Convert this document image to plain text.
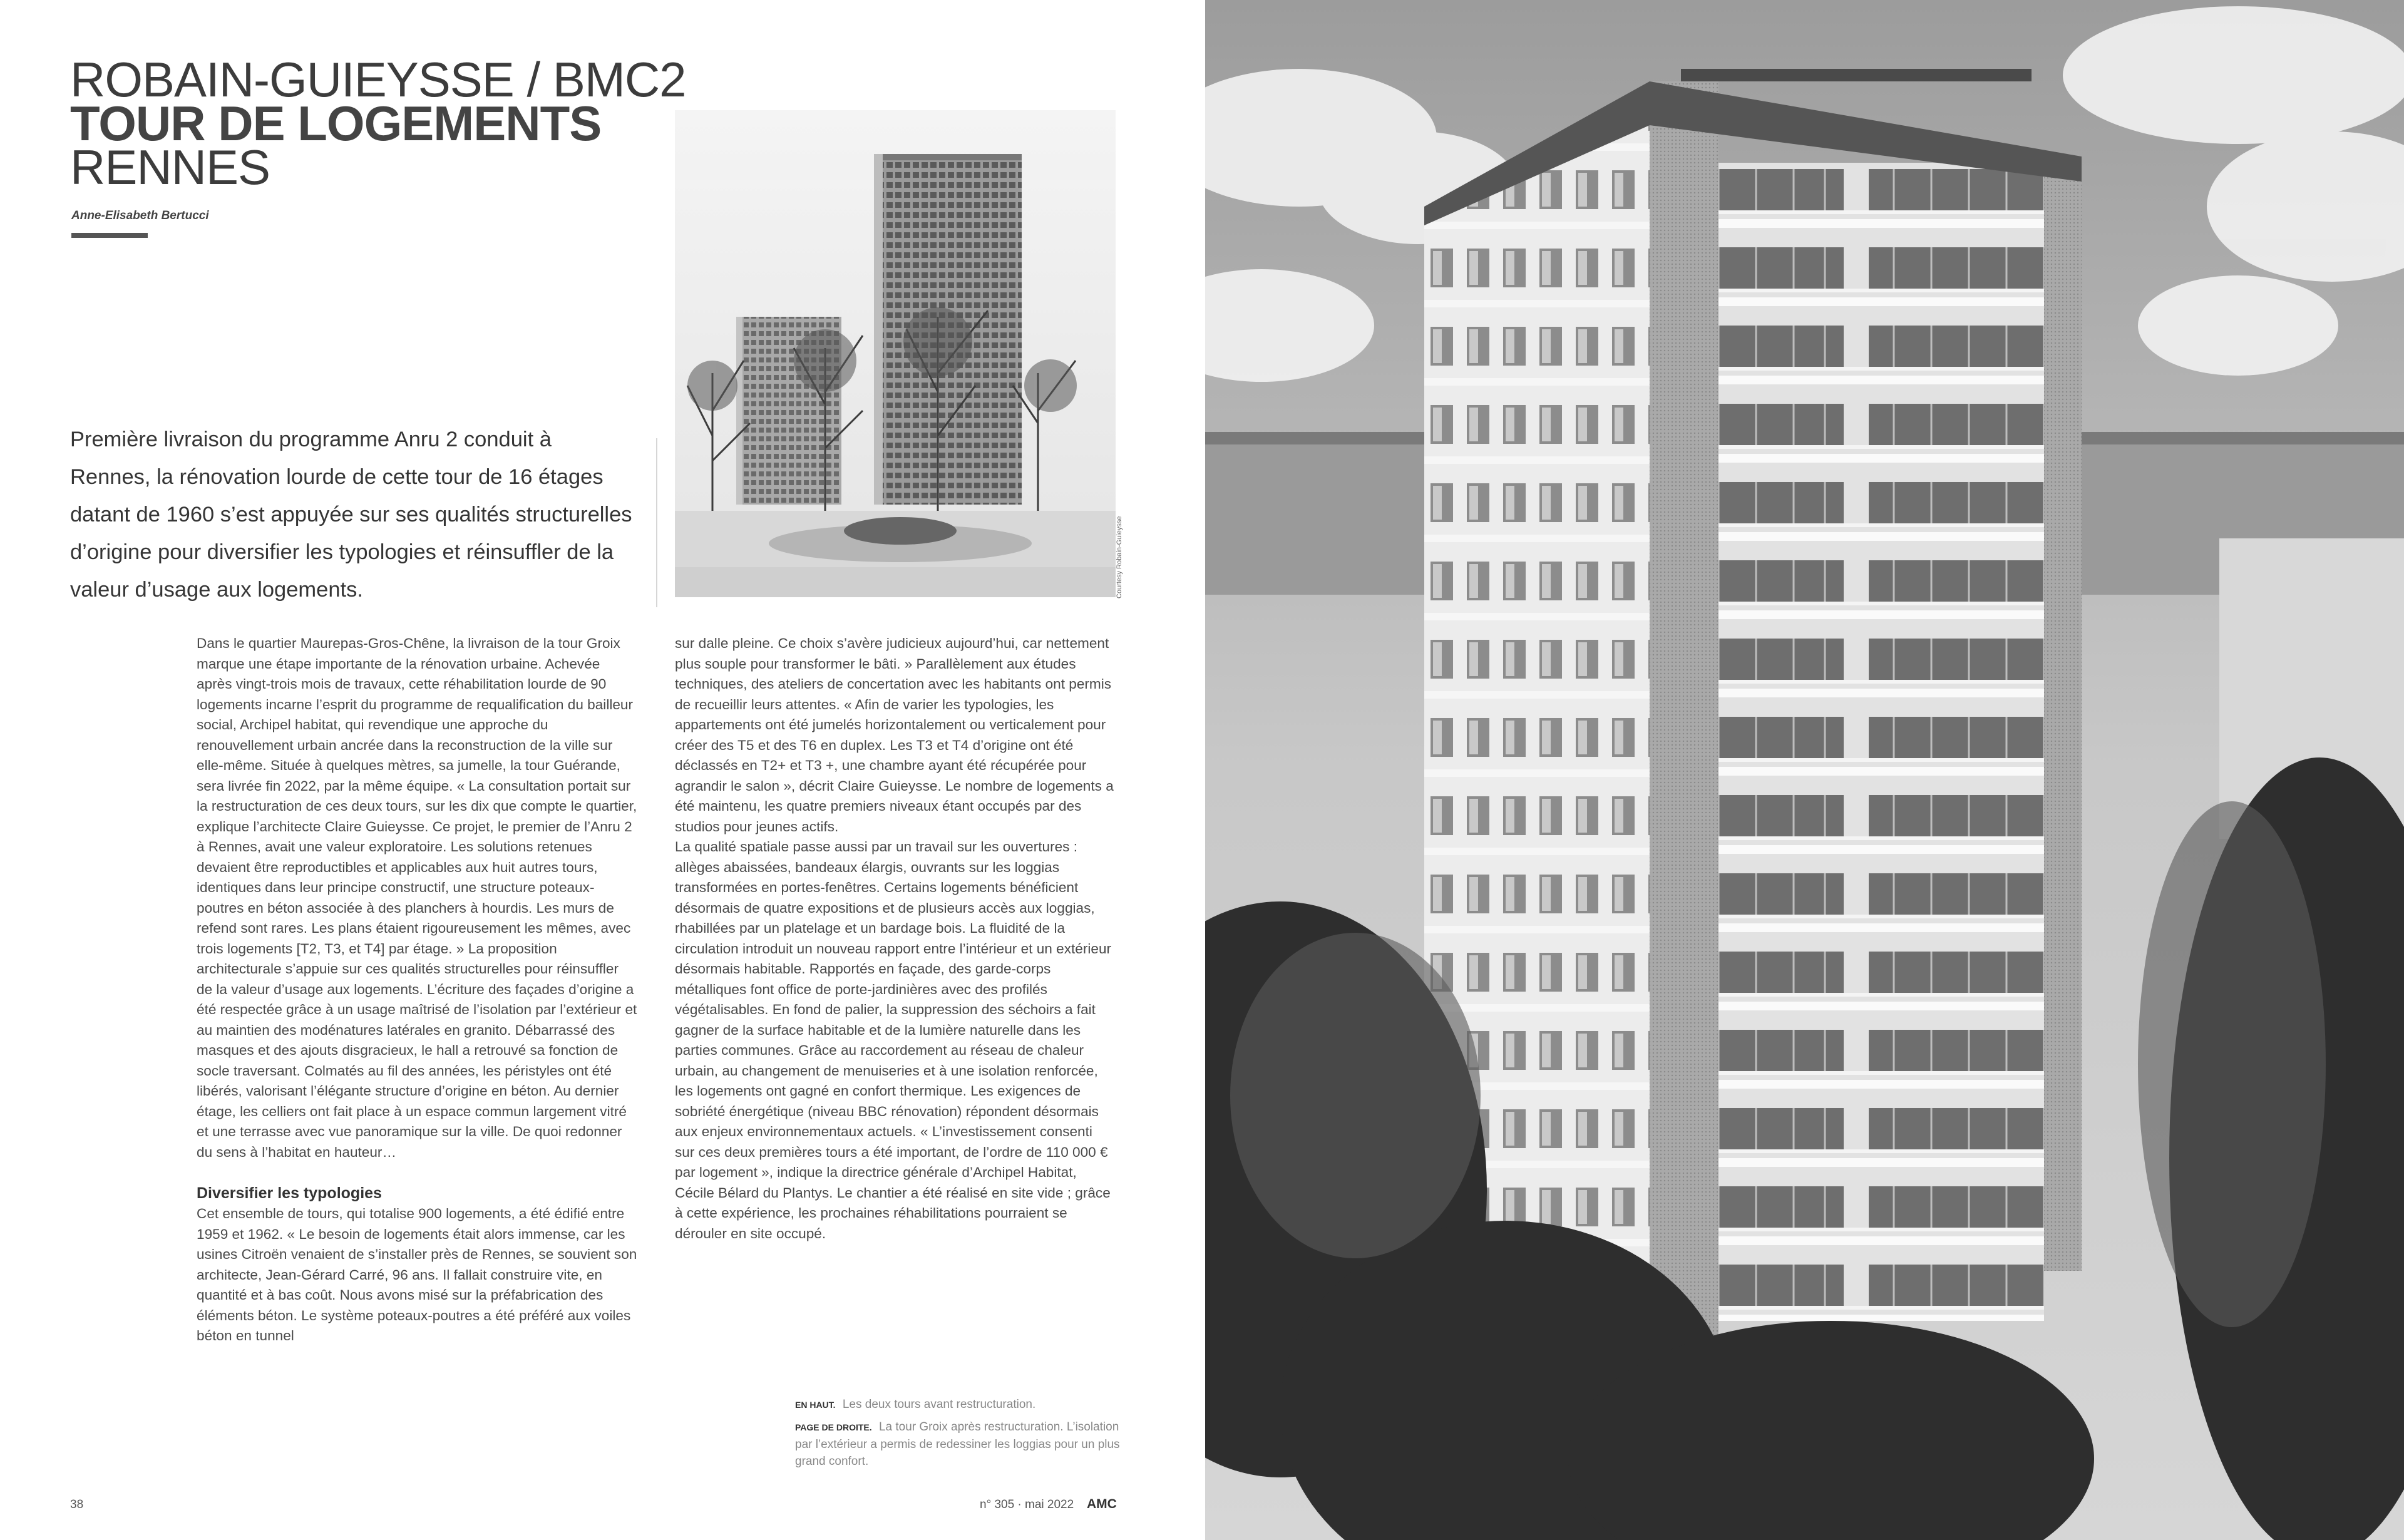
ROBAIN-GUIEYSSE / BMC2
TOUR DE LOGEMENTS
RENNES
Anne-Elisabeth Bertucci

Première livraison du programme Anru 2 conduit à Rennes, la rénovation lourde de cette tour de 16 étages datant de 1960 s’est appuyée sur ses qualités structurelles d’origine pour diversifier les typologies et réinsuffler de la valeur d’usage aux logements.	Courtesy Robain-Guieysse

Dans le quartier Maurepas-Gros-Chêne, la livraison de la tour Groix marque une étape importante de la rénovation urbaine. Achevée après vingt-trois mois de travaux, cette réhabilitation lourde de 90 logements incarne l’esprit du programme de requalification du bailleur social, Archipel habitat, qui revendique une approche du renouvellement urbain ancrée dans la reconstruction de la ville sur elle-même. Située à quelques mètres, sa jumelle, la tour Guérande, sera livrée fin 2022, par la même équipe. « La consultation portait sur la restructuration de ces deux tours, sur les dix que compte le quartier, explique l’architecte Claire Guieysse. Ce projet, le premier de l’Anru 2 à Rennes, avait une valeur exploratoire. Les solutions retenues devaient être reproductibles et applicables aux huit autres tours, identiques dans leur principe constructif, une structure poteaux-poutres en béton associée à des planchers à hourdis. Les murs de refend sont rares. Les plans étaient rigoureusement les mêmes, avec trois logements [T2, T3, et T4] par étage. » La proposition architecturale s’appuie sur ces qualités structurelles pour réinsuffler de la valeur d’usage aux logements. L’écriture des façades d’origine a été respectée grâce à un usage maîtrisé de l’isolation par l’extérieur et au maintien des modénatures latérales en granito. Débarrassé des masques et des ajouts disgracieux, le hall a retrouvé sa fonction de socle traversant. Colmatés au fil des années, les péristyles ont été libérés, valorisant l’élégante structure d’origine en béton. Au dernier étage, les celliers ont fait place à un espace commun largement vitré et une terrasse avec vue panoramique sur la ville. De quoi redonner du sens à l’habitat en hauteur…

Diversifier les typologies

Cet ensemble de tours, qui totalise 900 logements, a été édifié entre 1959 et 1962. « Le besoin de logements était alors immense, car les usines Citroën venaient de s’installer près de Rennes, se souvient son architecte, Jean-Gérard Carré, 96 ans. Il fallait construire vite, en quantité et à bas coût. Nous avons misé sur la préfabrication des éléments béton. Le système poteaux-poutres a été préféré aux voiles béton en tunnel

sur dalle pleine. Ce choix s’avère judicieux aujourd’hui, car nettement plus souple pour transformer le bâti. » Parallèlement aux études techniques, des ateliers de concertation avec les habitants ont permis de recueillir leurs attentes. « Afin de varier les typologies, les appartements ont été jumelés horizontalement ou verticalement pour créer des T5 et des T6 en duplex. Les T3 et T4 d’origine ont été déclassés en T2+ et T3 +, une chambre ayant été récupérée pour agrandir le salon », décrit Claire Guieysse. Le nombre de logements a été maintenu, les quatre premiers niveaux étant occupés par des studios pour jeunes actifs.

La qualité spatiale passe aussi par un travail sur les ouvertures : allèges abaissées, bandeaux élargis, ouvrants sur les loggias transformées en portes-fenêtres. Certains logements bénéficient désormais de quatre expositions et de plusieurs accès aux loggias, rhabillées par un platelage et un bardage bois. La fluidité de la circulation introduit un nouveau rapport entre l’intérieur et un extérieur désormais habitable. Rapportés en façade, des garde-corps métalliques font office de porte-jardinières avec des profilés végétalisables. En fond de palier, la suppression des séchoirs a fait gagner de la surface habitable et de la lumière naturelle dans les parties communes. Grâce au raccordement au réseau de chaleur urbain, au changement de menuiseries et à une isolation renforcée, les logements ont gagné en confort thermique. Les exigences de sobriété énergétique (niveau BBC rénovation) répondent désormais aux enjeux environnementaux actuels. « L’investissement consenti sur ces deux premières tours a été important, de l’ordre de 110 000 € par logement », indique la directrice générale d’Archipel Habitat, Cécile Bélard du Plantys. Le chantier a été réalisé en site vide ; grâce à cette expérience, les prochaines réhabilitations pourraient se dérouler en site occupé.

EN HAUT. Les deux tours avant restructuration.

PAGE DE DROITE. La tour Groix après restructuration. L’isolation par l’extérieur a permis de redessiner les loggias pour un plus grand confort.

38	n° 305 · mai 2022 AMC
